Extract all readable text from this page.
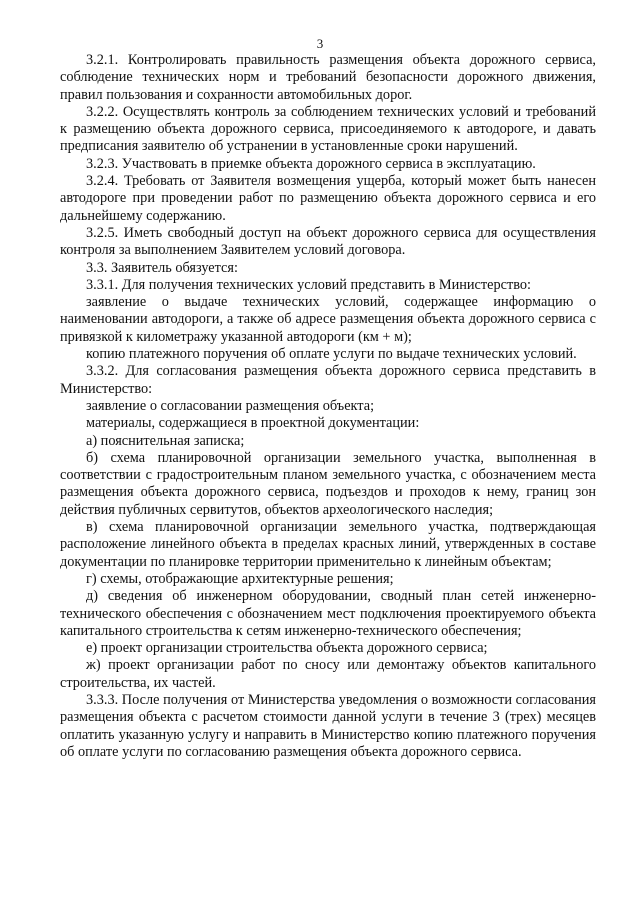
3

3.2.1. Контролировать правильность размещения объекта дорожного сервиса, соблюдение технических норм и требований безопасности дорожного движения, правил пользования и сохранности автомобильных дорог.

3.2.2. Осуществлять контроль за соблюдением технических условий и требований к размещению объекта дорожного сервиса, присоединяемого к автодороге, и давать предписания заявителю об устранении в установленные сроки нарушений.

3.2.3. Участвовать в приемке объекта дорожного сервиса в эксплуатацию.

3.2.4. Требовать от Заявителя возмещения ущерба, который может быть нанесен автодороге при проведении работ по размещению объекта дорожного сервиса и его дальнейшему содержанию.

3.2.5. Иметь свободный доступ на объект дорожного сервиса для осуществления контроля за выполнением Заявителем условий договора.

3.3. Заявитель обязуется:

3.3.1. Для получения технических условий представить в Министерство:

заявление о выдаче технических условий, содержащее информацию о наименовании автодороги, а также об адресе размещения объекта дорожного сервиса с привязкой к километражу указанной автодороги (км + м);

копию платежного поручения об оплате услуги по выдаче технических условий.

3.3.2. Для согласования размещения объекта дорожного сервиса представить в Министерство:

заявление о согласовании размещения объекта;

материалы, содержащиеся в проектной документации:

а) пояснительная записка;

б) схема планировочной организации земельного участка, выполненная в соответствии с градостроительным планом земельного участка, с обозначением места размещения объекта дорожного сервиса, подъездов и проходов к нему, границ зон действия публичных сервитутов, объектов археологического наследия;

в) схема планировочной организации земельного участка, подтверждающая расположение линейного объекта в пределах красных линий, утвержденных в составе документации по планировке территории применительно к линейным объектам;

г) схемы, отображающие архитектурные решения;

д) сведения об инженерном оборудовании, сводный план сетей инженерно-технического обеспечения с обозначением мест подключения проектируемого объекта капитального строительства к сетям инженерно-технического обеспечения;

е) проект организации строительства объекта дорожного сервиса;

ж) проект организации работ по сносу или демонтажу объектов капитального строительства, их частей.

3.3.3. После получения от Министерства уведомления о возможности согласования размещения объекта с расчетом стоимости данной услуги в течение 3 (трех) месяцев оплатить указанную услугу и направить в Министерство копию платежного поручения об оплате услуги по согласованию размещения объекта дорожного сервиса.
